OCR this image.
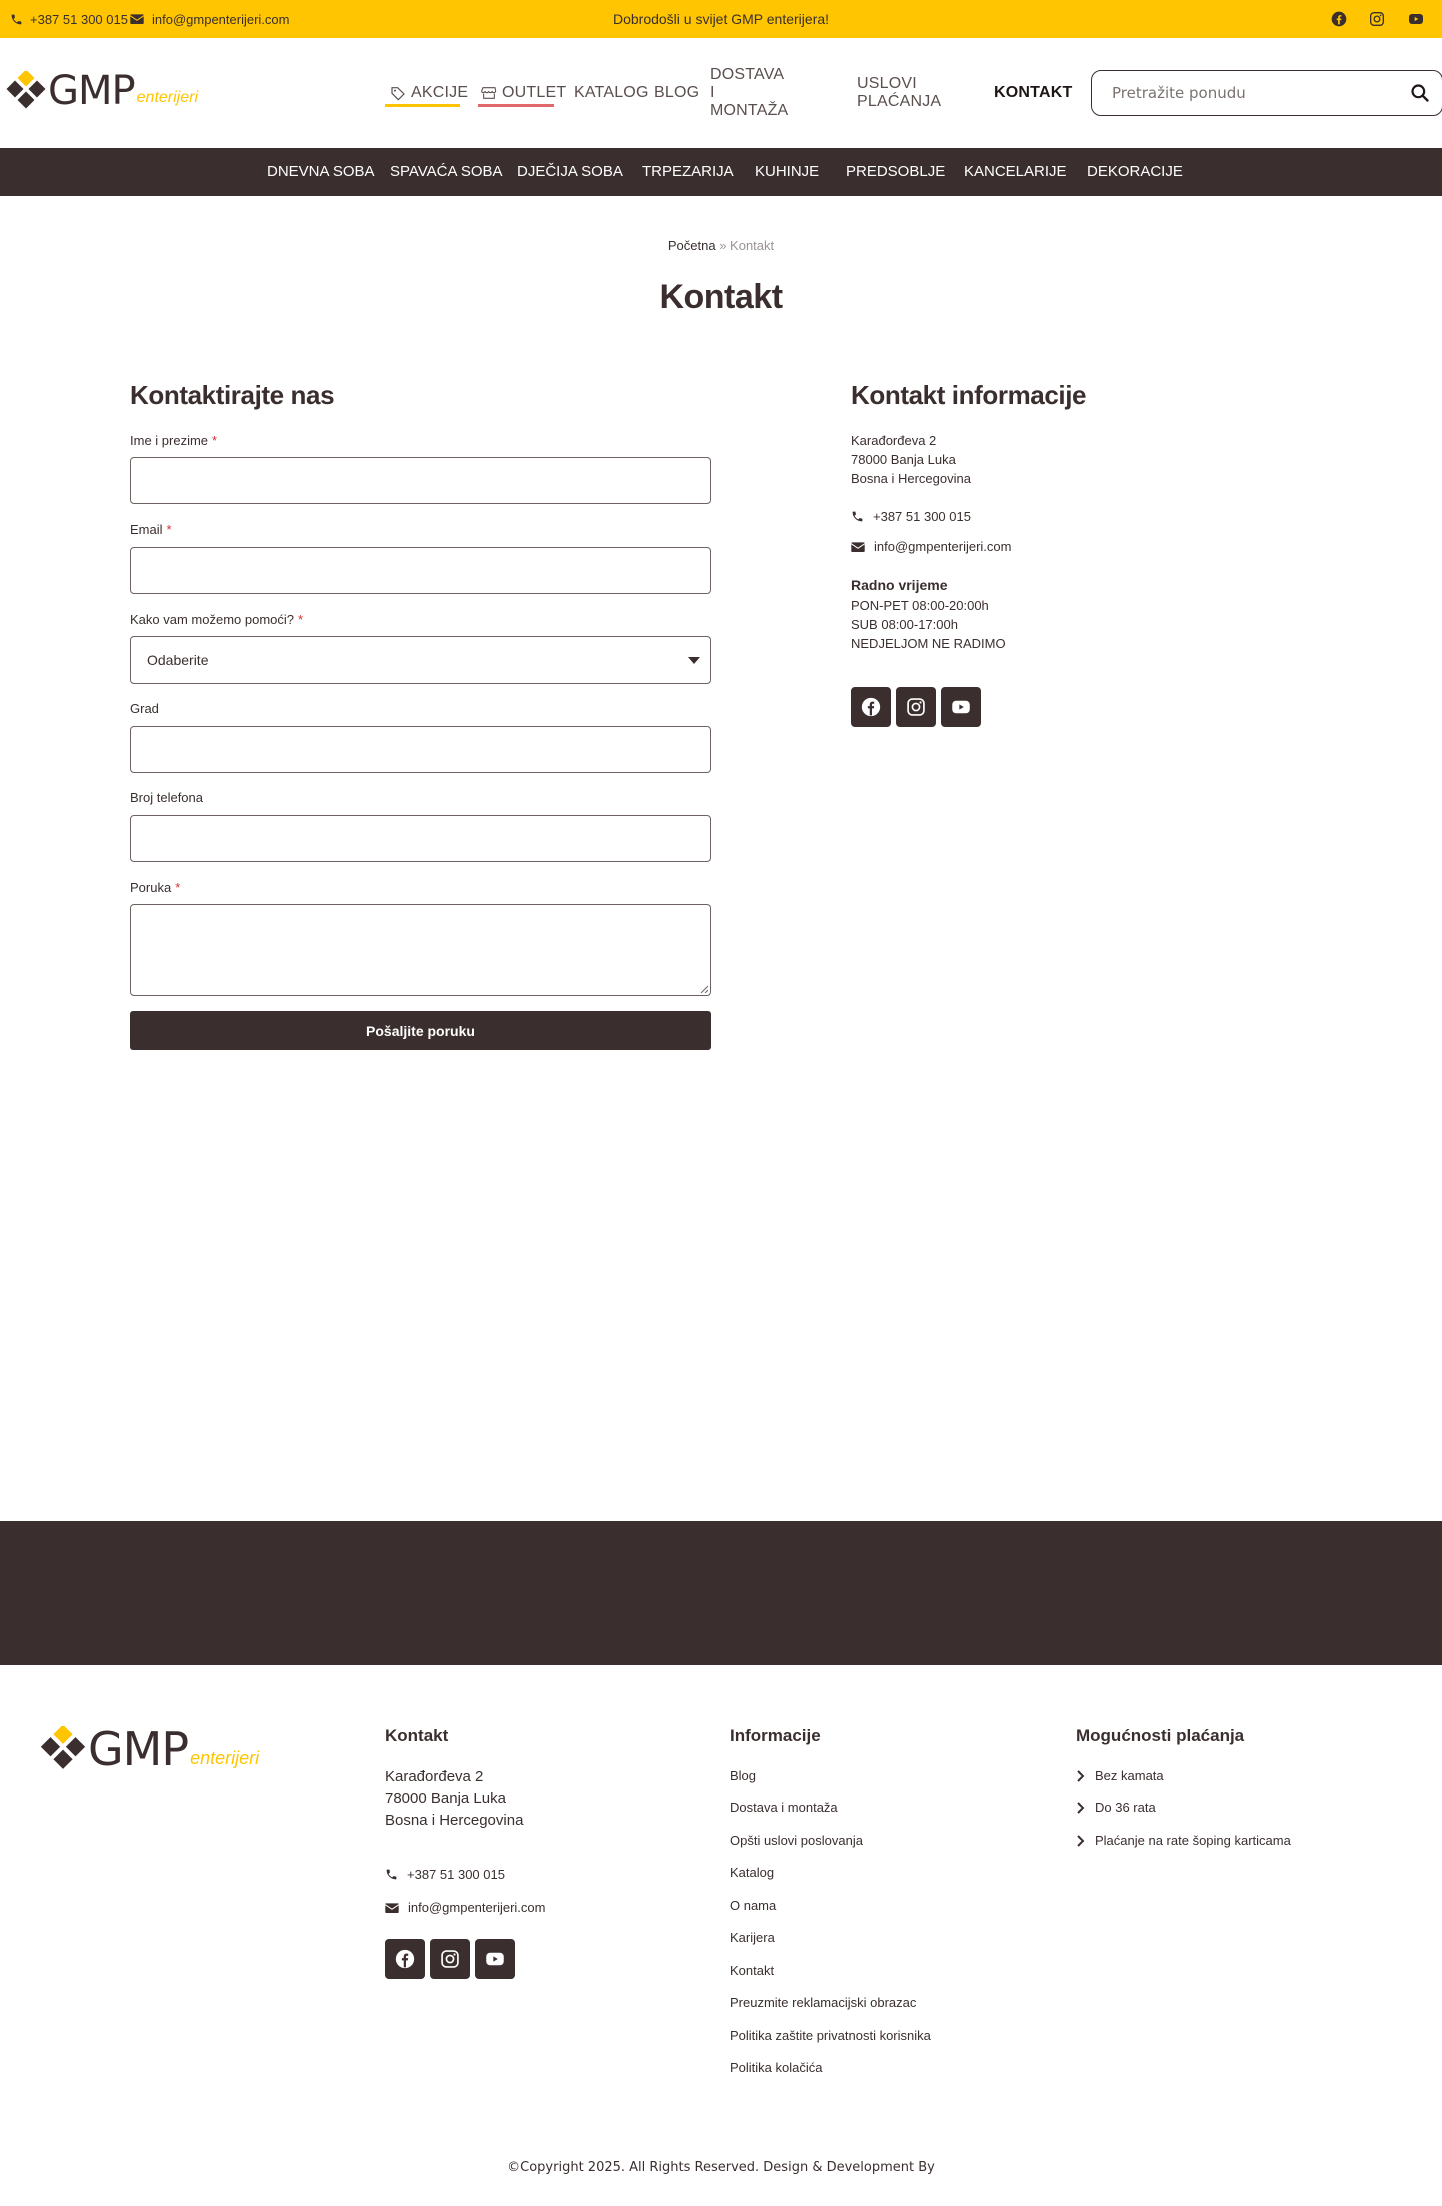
+387 51 300 015 info@gmpenterijeri.com	Dobrodošli u svijet GMP enterijera!
GMP enterijeri	AKCIJE OUTLET KATALOG BLOG
DOSTAVA I MONTAŽA
USLOVI PLAĆANJA
KONTAKT
Pretražite ponudu
DNEVNA SOBA SPAVAĆA SOBA DJEČIJA SOBA TRPEZARIJA KUHINJE PREDSOBLJE KANCELARIJE DEKORACIJE
Početna » Kontakt
Kontakt
Kontaktirajte nas
Ime i prezime *
Email *
Kako vam možemo pomoći? *
Odaberite
Grad
Broj telefona
Poruka *
Pošaljite poruku
Kontakt informacije
Karađorđeva 2
78000 Banja Luka
Bosna i Hercegovina
+387 51 300 015
info@gmpenterijeri.com
Radno vrijeme
PON-PET 08:00-20:00h
SUB 08:00-17:00h
NEDJELJOM NE RADIMO
GMP enterijeri
Kontakt
Karađorđeva 2
78000 Banja Luka
Bosna i Hercegovina
+387 51 300 015
info@gmpenterijeri.com
Informacije
Blog
Dostava i montaža
Opšti uslovi poslovanja
Katalog
O nama
Karijera
Kontakt
Preuzmite reklamacijski obrazac
Politika zaštite privatnosti korisnika
Politika kolačića
Mogućnosti plaćanja
Bez kamata
Do 36 rata
Plaćanje na rate šoping karticama
©Copyright 2025. All Rights Reserved. Design & Development By
